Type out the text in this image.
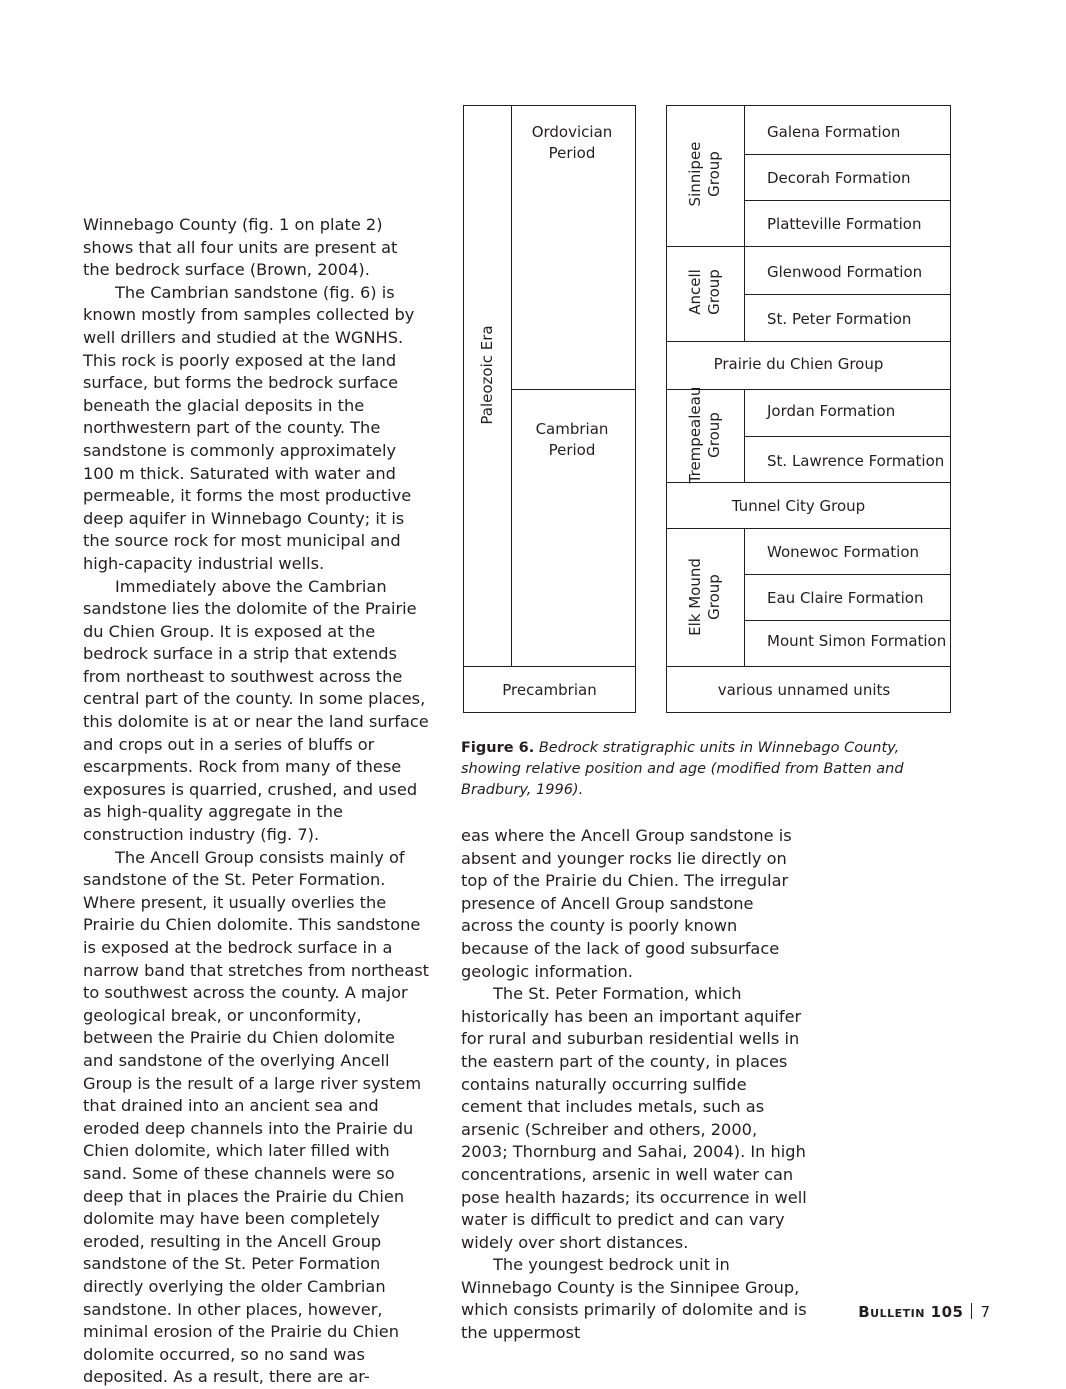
Winnebago County (fig. 1 on plate 2) shows that all four units are present at the bedrock surface (Brown, 2004).

The Cambrian sandstone (fig. 6) is known mostly from samples collected by well drillers and studied at the WGNHS. This rock is poorly exposed at the land surface, but forms the bedrock surface beneath the glacial deposits in the northwestern part of the county. The sandstone is commonly approximately 100 m thick. Saturated with water and permeable, it forms the most productive deep aquifer in Winnebago County; it is the source rock for most municipal and high-capacity industrial wells.

Immediately above the Cambrian sandstone lies the dolomite of the Prairie du Chien Group. It is exposed at the bedrock surface in a strip that extends from northeast to southwest across the central part of the county. In some places, this dolomite is at or near the land surface and crops out in a series of bluffs or escarpments. Rock from many of these exposures is quarried, crushed, and used as high-quality aggregate in the construction industry (fig. 7).

The Ancell Group consists mainly of sandstone of the St. Peter Formation. Where present, it usually overlies the Prairie du Chien dolomite. This sandstone is exposed at the bedrock surface in a narrow band that stretches from northeast to southwest across the county. A major geological break, or unconformity, between the Prairie du Chien dolomite and sandstone of the overlying Ancell Group is the result of a large river system that drained into an ancient sea and eroded deep channels into the Prairie du Chien dolomite, which later filled with sand. Some of these channels were so deep that in places the Prairie du Chien dolomite may have been completely eroded, resulting in the Ancell Group sandstone of the St. Peter Formation directly overlying the older Cambrian sandstone. In other places, however, minimal erosion of the Prairie du Chien dolomite occurred, so no sand was deposited. As a result, there are ar-

Paleozoic Era
Ordovician Period
Cambrian Period
Precambrian
Sinnipee Group
Ancell Group
Trempealeau Group
Elk Mound Group
Galena Formation
Decorah Formation
Platteville Formation
Glenwood Formation
St. Peter Formation
Prairie du Chien Group
Jordan Formation
St. Lawrence Formation
Tunnel City Group
Wonewoc Formation
Eau Claire Formation
Mount Simon Formation
various unnamed units
Figure 6. Bedrock stratigraphic units in Winnebago County, showing relative position and age (modified from Batten and Bradbury, 1996).

eas where the Ancell Group sandstone is absent and younger rocks lie directly on top of the Prairie du Chien. The irregular presence of Ancell Group sandstone across the county is poorly known because of the lack of good subsurface geologic information.

The St. Peter Formation, which historically has been an important aquifer for rural and suburban residential wells in the eastern part of the county, in places contains naturally occurring sulfide cement that includes metals, such as arsenic (Schreiber and others, 2000, 2003; Thornburg and Sahai, 2004). In high concentrations, arsenic in well water can pose health hazards; its occurrence in well water is difficult to predict and can vary widely over short distances.

The youngest bedrock unit in Winnebago County is the Sinnipee Group, which consists primarily of dolomite and is the uppermost

Bulletin 105 7
